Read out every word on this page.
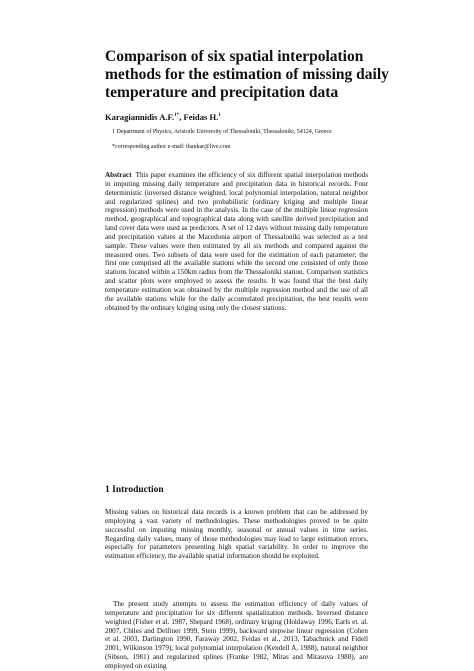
Comparison of six spatial interpolation methods for the estimation of missing daily temperature and precipitation data
Karagiannidis A.F.$^{1*}$, Feidas H.$^1$
1 Department of Physics, Aristotle University of Thessaloniki, Thessaloniki, 54124, Greece
*corresponding author e-mail: thankar@live.com
Abstract This paper examines the efficiency of six different spatial interpolation methods in imputing missing daily temperature and precipitation data in historical records. Four deterministic (inversed distance weighted, local polynomial interpolation, natural neighbor and regularized splines) and two probabilistic (ordinary kriging and multiple linear regression) methods were used in the analysis. In the case of the multiple linear regression method, geographical and topographical data along with satellite derived precipitation and land cover data were used as predictors. A set of 12 days without missing daily temperature and precipitation values at the Macedonia airport of Thessaloniki was selected as a test sample. These values were then estimated by all six methods and compared against the measured ones. Two subsets of data were used for the estimation of each parameter; the first one comprised all the available stations while the second one consisted of only those stations located within a 150km radius from the Thessaloniki station. Comparison statistics and scatter plots were employed to assess the results. It was found that the best daily temperature estimation was obtained by the multiple regression method and the use of all the available stations while for the daily accumulated precipitation, the best results were obtained by the ordinary kriging using only the closest stations.
1 Introduction
Missing values on historical data records is a known problem that can be addressed by employing a vast variety of methodologies. These methodologies proved to be quite successful on imputing missing monthly, seasonal or annual values in time series. Regarding daily values, many of those methodologies may lead to large estimation errors, especially for parameters presenting high spatial variability. In order to improve the estimation efficiency, the available spatial information should be exploited.
The present study attempts to assess the estimation efficiency of daily values of temperature and precipitation for six different spatialization methods. Inversed distance weighted (Fisher et al. 1987, Shepard 1968), ordinary kriging (Holdaway 1996, Earls et. al. 2007, Chiles and Delfiner 1999, Stein 1999), backward stepwise linear regression (Cohen et al. 2003, Darlington 1990, Faraway 2002, Feidas et al., 2013, Tabachnick and Fidell 2001, Wilkinson 1979), local polynomial interpolation (Kendell A, 1988), natural neighbor (Sibson, 1981) and regularized splines (Franke 1982, Mitas and Mitasova 1988), are employed on existing
